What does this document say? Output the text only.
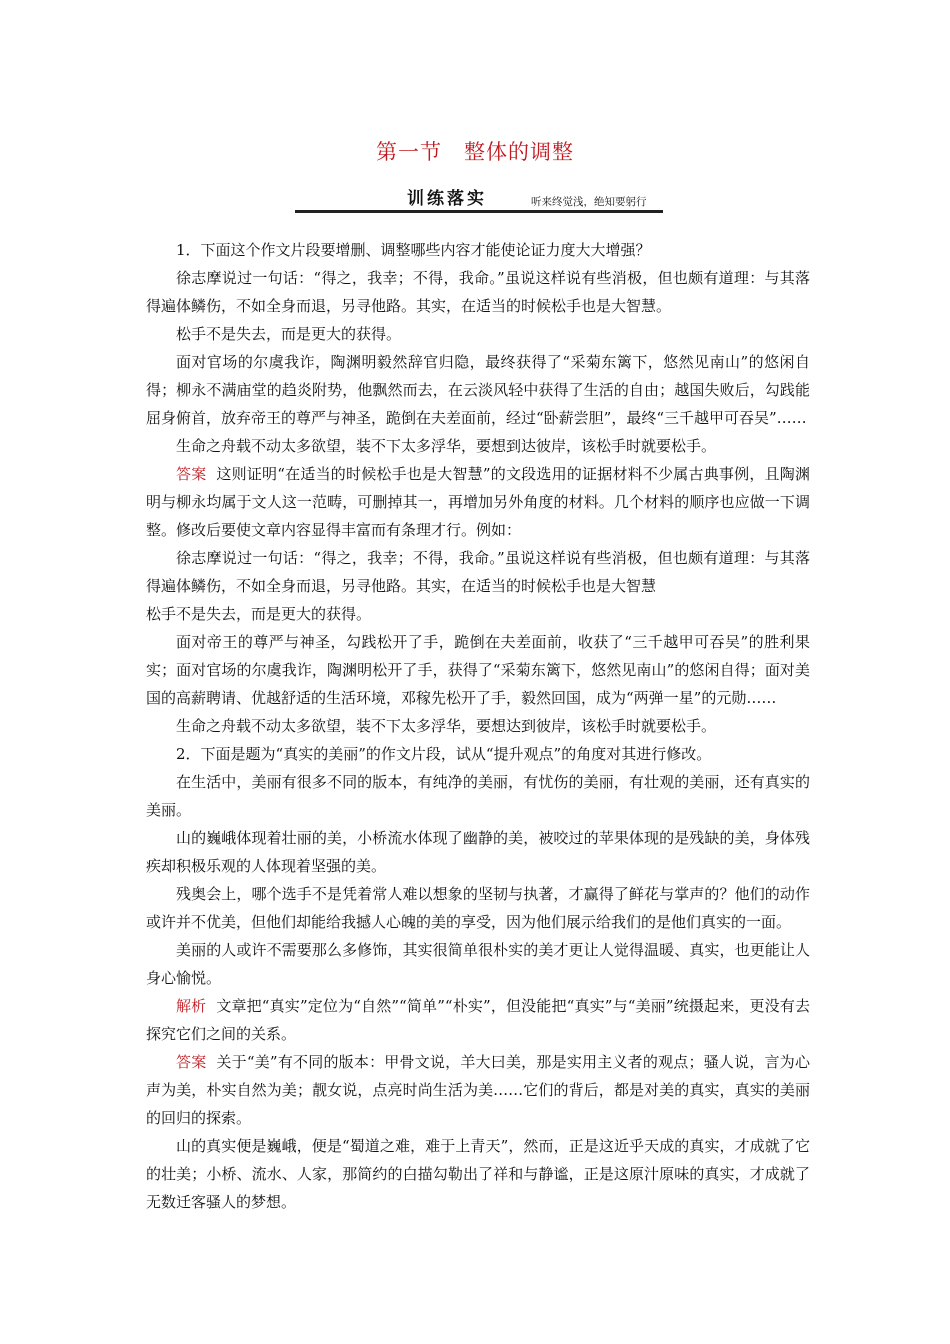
第一节　整体的调整
训练落实	听来终觉浅，绝知要躬行

1．下面这个作文片段要增删、调整哪些内容才能使论证力度大大增强？

徐志摩说过一句话：“得之，我幸；不得，我命。”虽说这样说有些消极，但也颇有道理：与其落得遍体鳞伤，不如全身而退，另寻他路。其实，在适当的时候松手也是大智慧。

松手不是失去，而是更大的获得。

面对官场的尔虞我诈，陶渊明毅然辞官归隐，最终获得了“采菊东篱下，悠然见南山”的悠闲自得；柳永不满庙堂的趋炎附势，他飘然而去，在云淡风轻中获得了生活的自由；越国失败后，勾践能屈身俯首，放弃帝王的尊严与神圣，跪倒在夫差面前，经过“卧薪尝胆”，最终“三千越甲可吞吴”……

生命之舟载不动太多欲望，装不下太多浮华，要想到达彼岸，该松手时就要松手。

答案 这则证明“在适当的时候松手也是大智慧”的文段选用的证据材料不少属古典事例，且陶渊明与柳永均属于文人这一范畴，可删掉其一，再增加另外角度的材料。几个材料的顺序也应做一下调整。修改后要使文章内容显得丰富而有条理才行。例如：

徐志摩说过一句话：“得之，我幸；不得，我命。”虽说这样说有些消极，但也颇有道理：与其落得遍体鳞伤，不如全身而退，另寻他路。其实，在适当的时候松手也是大智慧

松手不是失去，而是更大的获得。

面对帝王的尊严与神圣，勾践松开了手，跪倒在夫差面前，收获了“三千越甲可吞吴”的胜利果实；面对官场的尔虞我诈，陶渊明松开了手，获得了“采菊东篱下，悠然见南山”的悠闲自得；面对美国的高薪聘请、优越舒适的生活环境，邓稼先松开了手，毅然回国，成为“两弹一星”的元勋……

生命之舟载不动太多欲望，装不下太多浮华，要想达到彼岸，该松手时就要松手。

2．下面是题为“真实的美丽”的作文片段，试从“提升观点”的角度对其进行修改。

在生活中，美丽有很多不同的版本，有纯净的美丽，有忧伤的美丽，有壮观的美丽，还有真实的美丽。

山的巍峨体现着壮丽的美，小桥流水体现了幽静的美，被咬过的苹果体现的是残缺的美，身体残疾却积极乐观的人体现着坚强的美。

残奥会上，哪个选手不是凭着常人难以想象的坚韧与执著，才赢得了鲜花与掌声的？他们的动作或许并不优美，但他们却能给我撼人心魄的美的享受，因为他们展示给我们的是他们真实的一面。

美丽的人或许不需要那么多修饰，其实很简单很朴实的美才更让人觉得温暖、真实，也更能让人身心愉悦。

解析 文章把“真实”定位为“自然”“简单”“朴实”，但没能把“真实”与“美丽”统摄起来，更没有去探究它们之间的关系。

答案 关于“美”有不同的版本：甲骨文说，羊大曰美，那是实用主义者的观点；骚人说，言为心声为美，朴实自然为美；靓女说，点亮时尚生活为美……它们的背后，都是对美的真实，真实的美丽的回归的探索。

山的真实便是巍峨，便是“蜀道之难，难于上青天”，然而，正是这近乎天成的真实，才成就了它的壮美；小桥、流水、人家，那简约的白描勾勒出了祥和与静谧，正是这原汁原味的真实，才成就了无数迁客骚人的梦想。
